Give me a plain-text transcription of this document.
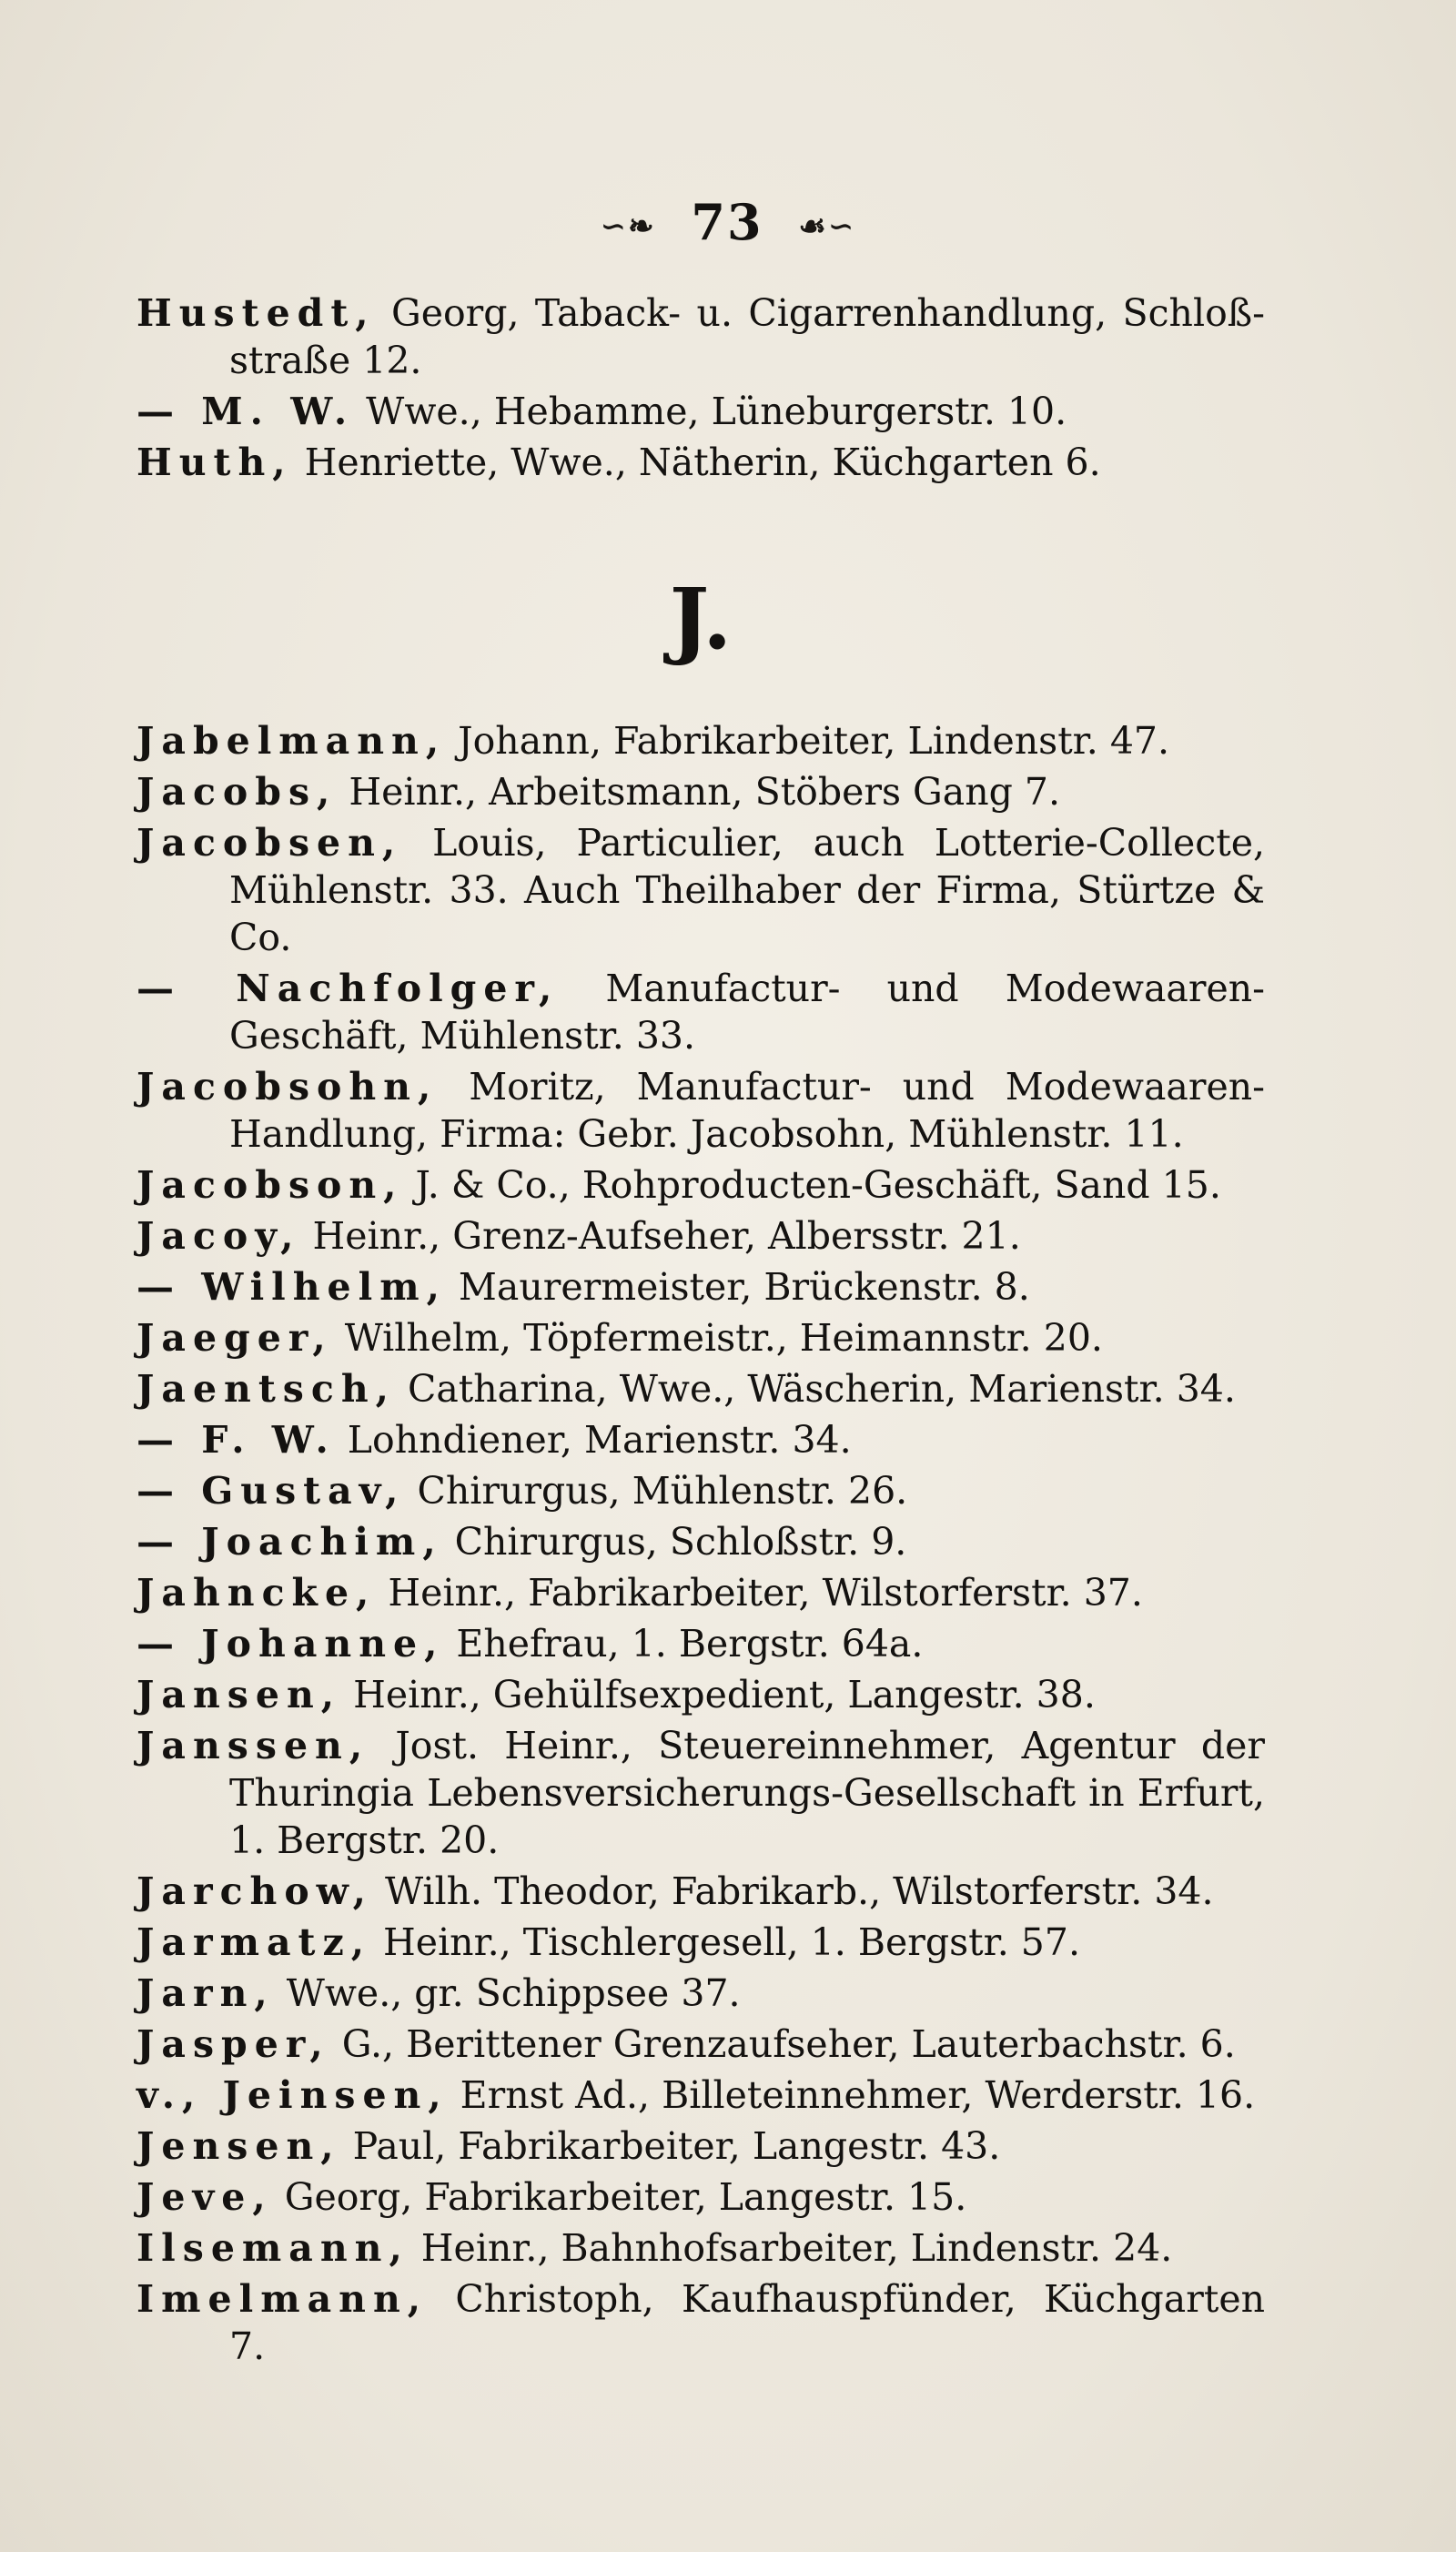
∽❧ 73 ☙∽
Hustedt, Georg, Taback- u. Cigarrenhandlung, Schloß-straße 12.
— M. W. Wwe., Hebamme, Lüneburgerstr. 10.
Huth, Henriette, Wwe., Nätherin, Küchgarten 6.
J.
Jabelmann, Johann, Fabrikarbeiter, Lindenstr. 47.
Jacobs, Heinr., Arbeitsmann, Stöbers Gang 7.
Jacobsen, Louis, Particulier, auch Lotterie-Collecte, Mühlenstr. 33. Auch Theilhaber der Firma, Stürtze & Co.
— Nachfolger, Manufactur- und Modewaaren-Geschäft, Mühlenstr. 33.
Jacobsohn, Moritz, Manufactur- und Modewaaren-Handlung, Firma: Gebr. Jacobsohn, Mühlenstr. 11.
Jacobson, J. & Co., Rohproducten-Geschäft, Sand 15.
Jacoy, Heinr., Grenz-Aufseher, Albersstr. 21.
— Wilhelm, Maurermeister, Brückenstr. 8.
Jaeger, Wilhelm, Töpfermeistr., Heimannstr. 20.
Jaentsch, Catharina, Wwe., Wäscherin, Marienstr. 34.
— F. W. Lohndiener, Marienstr. 34.
— Gustav, Chirurgus, Mühlenstr. 26.
— Joachim, Chirurgus, Schloßstr. 9.
Jahncke, Heinr., Fabrikarbeiter, Wilstorferstr. 37.
— Johanne, Ehefrau, 1. Bergstr. 64a.
Jansen, Heinr., Gehülfsexpedient, Langestr. 38.
Janssen, Jost. Heinr., Steuereinnehmer, Agentur der Thuringia Lebensversicherungs-Gesellschaft in Erfurt, 1. Bergstr. 20.
Jarchow, Wilh. Theodor, Fabrikarb., Wilstorferstr. 34.
Jarmatz, Heinr., Tischlergesell, 1. Bergstr. 57.
Jarn, Wwe., gr. Schippsee 37.
Jasper, G., Berittener Grenzaufseher, Lauterbachstr. 6.
v., Jeinsen, Ernst Ad., Billeteinnehmer, Werderstr. 16.
Jensen, Paul, Fabrikarbeiter, Langestr. 43.
Jeve, Georg, Fabrikarbeiter, Langestr. 15.
Ilsemann, Heinr., Bahnhofsarbeiter, Lindenstr. 24.
Imelmann, Christoph, Kaufhauspfünder, Küchgarten 7.
